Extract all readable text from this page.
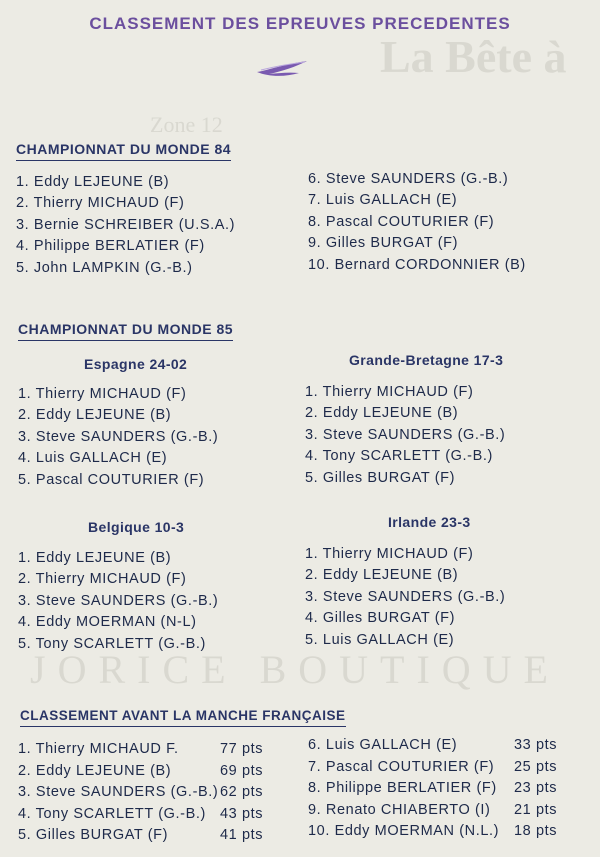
La Bête à
Zone 12
JORICE BOUTIQUE
CLASSEMENT DES EPREUVES PRECEDENTES
CHAMPIONNAT DU MONDE 84
1. Eddy LEJEUNE (B)
2. Thierry MICHAUD (F)
3. Bernie SCHREIBER (U.S.A.)
4. Philippe BERLATIER (F)
5. John LAMPKIN (G.-B.)
6. Steve SAUNDERS (G.-B.)
7. Luis GALLACH (E)
8. Pascal COUTURIER (F)
9. Gilles BURGAT (F)
10. Bernard CORDONNIER (B)
CHAMPIONNAT DU MONDE 85
Espagne 24-02
1. Thierry MICHAUD (F)
2. Eddy LEJEUNE (B)
3. Steve SAUNDERS (G.-B.)
4. Luis GALLACH (E)
5. Pascal COUTURIER (F)
Grande-Bretagne 17-3
1. Thierry MICHAUD (F)
2. Eddy LEJEUNE (B)
3. Steve SAUNDERS (G.-B.)
4. Tony SCARLETT (G.-B.)
5. Gilles BURGAT (F)
Belgique 10-3
1. Eddy LEJEUNE (B)
2. Thierry MICHAUD (F)
3. Steve SAUNDERS (G.-B.)
4. Eddy MOERMAN (N-L)
5. Tony SCARLETT (G.-B.)
Irlande 23-3
1. Thierry MICHAUD (F)
2. Eddy LEJEUNE (B)
3. Steve SAUNDERS (G.-B.)
4. Gilles BURGAT (F)
5. Luis GALLACH (E)
CLASSEMENT AVANT LA MANCHE FRANÇAISE
1. Thierry MICHAUD F.	77 pts
2. Eddy LEJEUNE (B)	69 pts
3. Steve SAUNDERS (G.-B.) 62 pts
4. Tony SCARLETT (G.-B.) 43 pts
5. Gilles BURGAT (F)	41 pts
6. Luis GALLACH (E)	33 pts
7. Pascal COUTURIER (F) 25 pts
8. Philippe BERLATIER (F) 23 pts
9. Renato CHIABERTO (I) 21 pts
10. Eddy MOERMAN (N.L.) 18 pts
